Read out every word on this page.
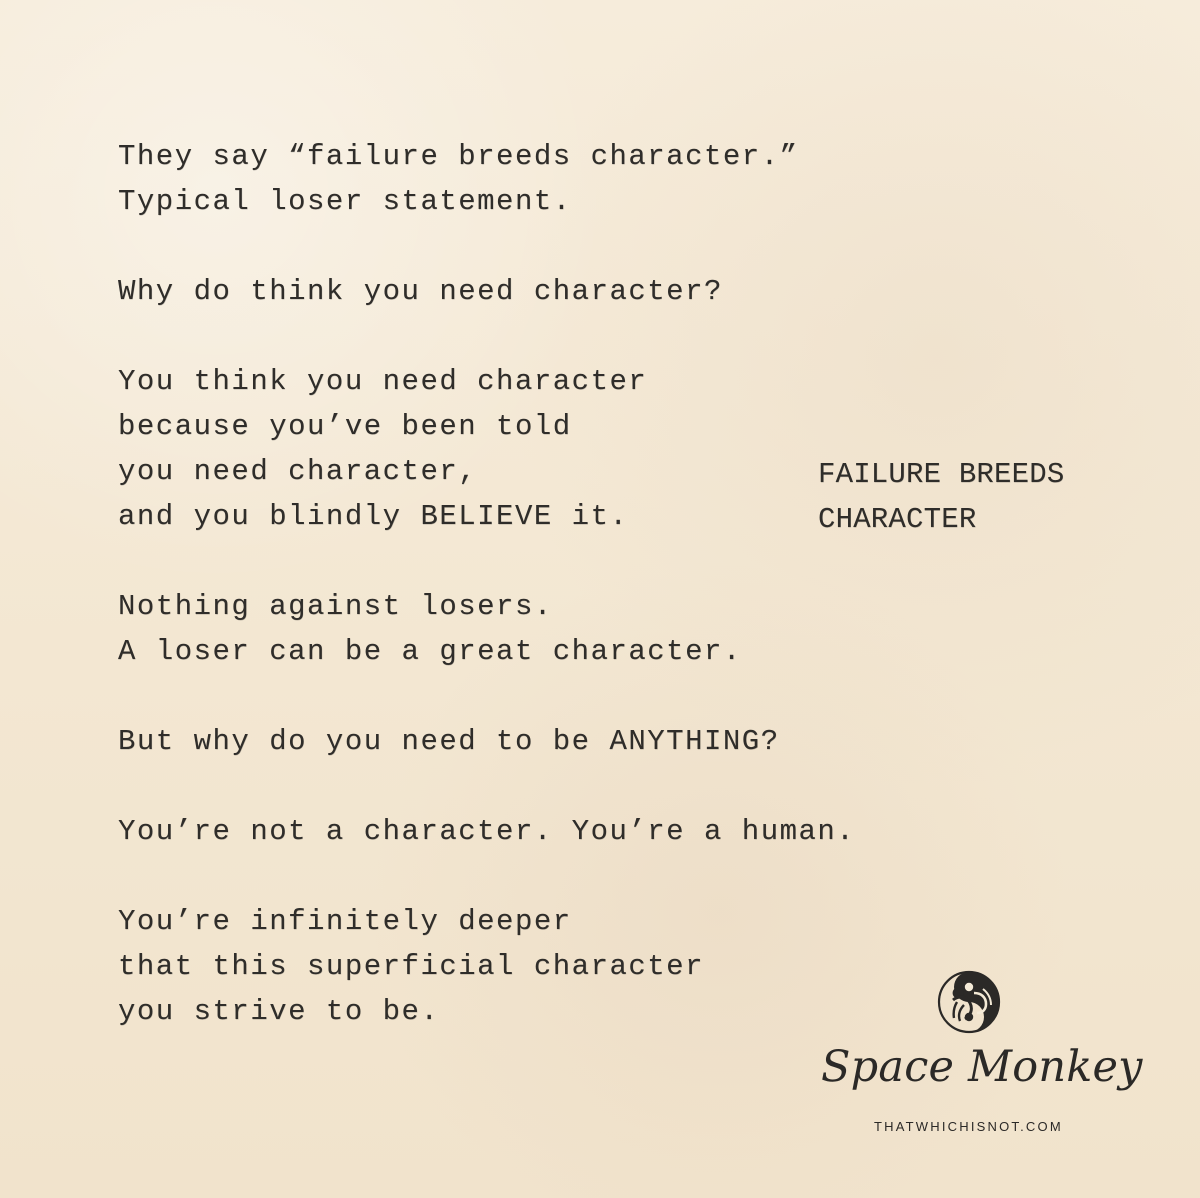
They say “failure breeds character.”
Typical loser statement.
Why do think you need character?
You think you need character
because you’ve been told
you need character,
and you blindly BELIEVE it.
Nothing against losers.
A loser can be a great character.
But why do you need to be ANYTHING?
You’re not a character. You’re a human.
You’re infinitely deeper
that this superficial character
you strive to be.
FAILURE BREEDS
CHARACTER
Space Monkey
THATWHICHISNOT.COM
